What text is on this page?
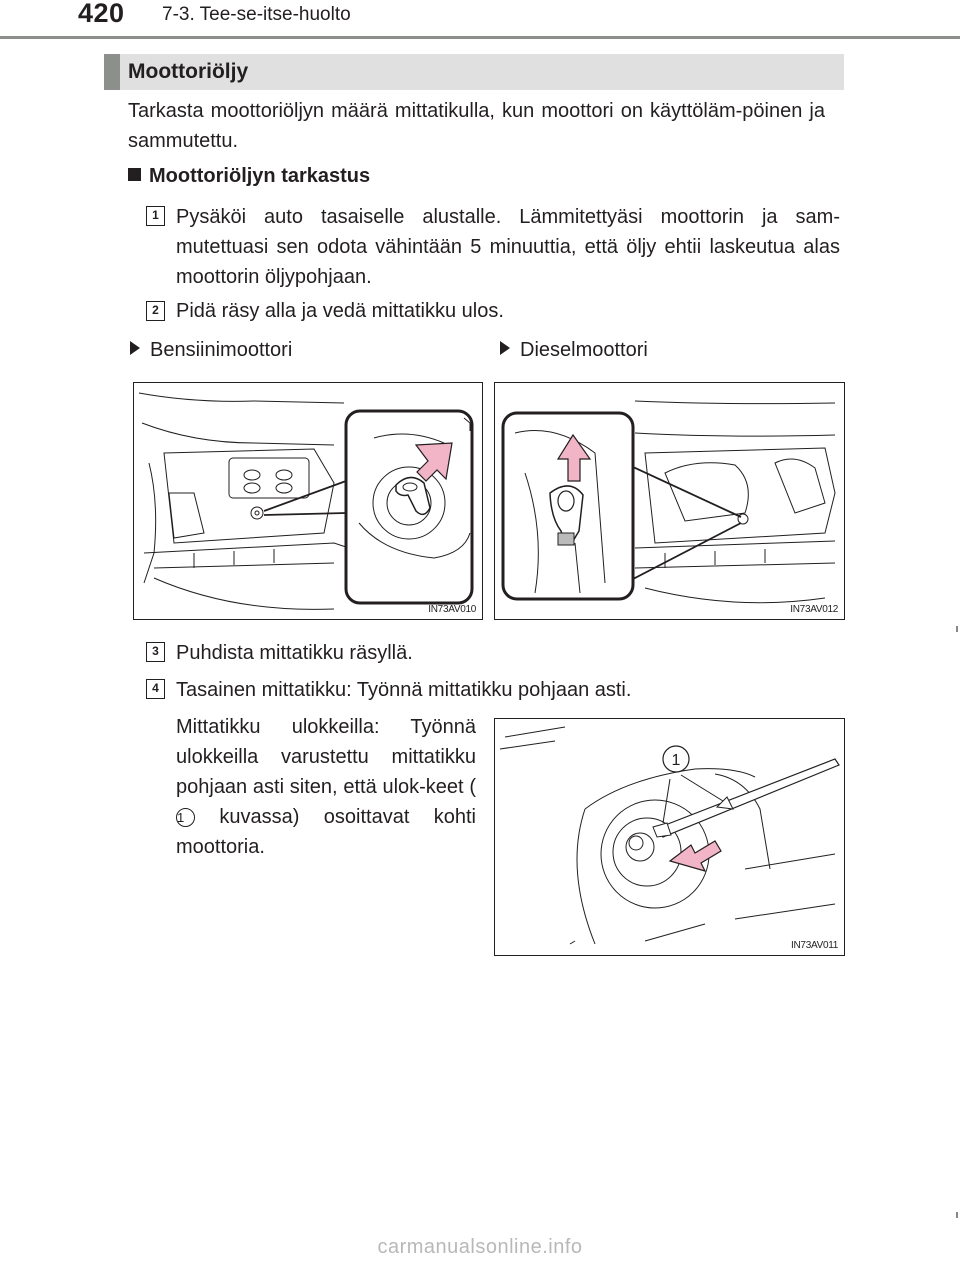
420 7-3. Tee-se-itse-huolto
Moottoriöljy
Tarkasta moottoriöljyn määrä mittatikulla, kun moottori on käyttöläm-pöinen ja sammutettu.
Moottoriöljyn tarkastus
1 Pysäköi auto tasaiselle alustalle. Lämmitettyäsi moottorin ja sam-mutettuasi sen odota vähintään 5 minuuttia, että öljy ehtii laskeutua alas moottorin öljypohjaan.
2 Pidä räsy alla ja vedä mittatikku ulos.
Bensiinimoottori	Dieselmoottori
IN73AV010	IN73AV012
3 Puhdista mittatikku räsyllä.
4 Tasainen mittatikku: Työnnä mittatikku pohjaan asti.
Mittatikku ulokkeilla: Työnnä ulokkeilla varustettu mittatikku pohjaan asti siten, että ulok-keet (1 kuvassa) osoittavat kohti moottoria.
1
IN73AV011
carmanualsonline.info
